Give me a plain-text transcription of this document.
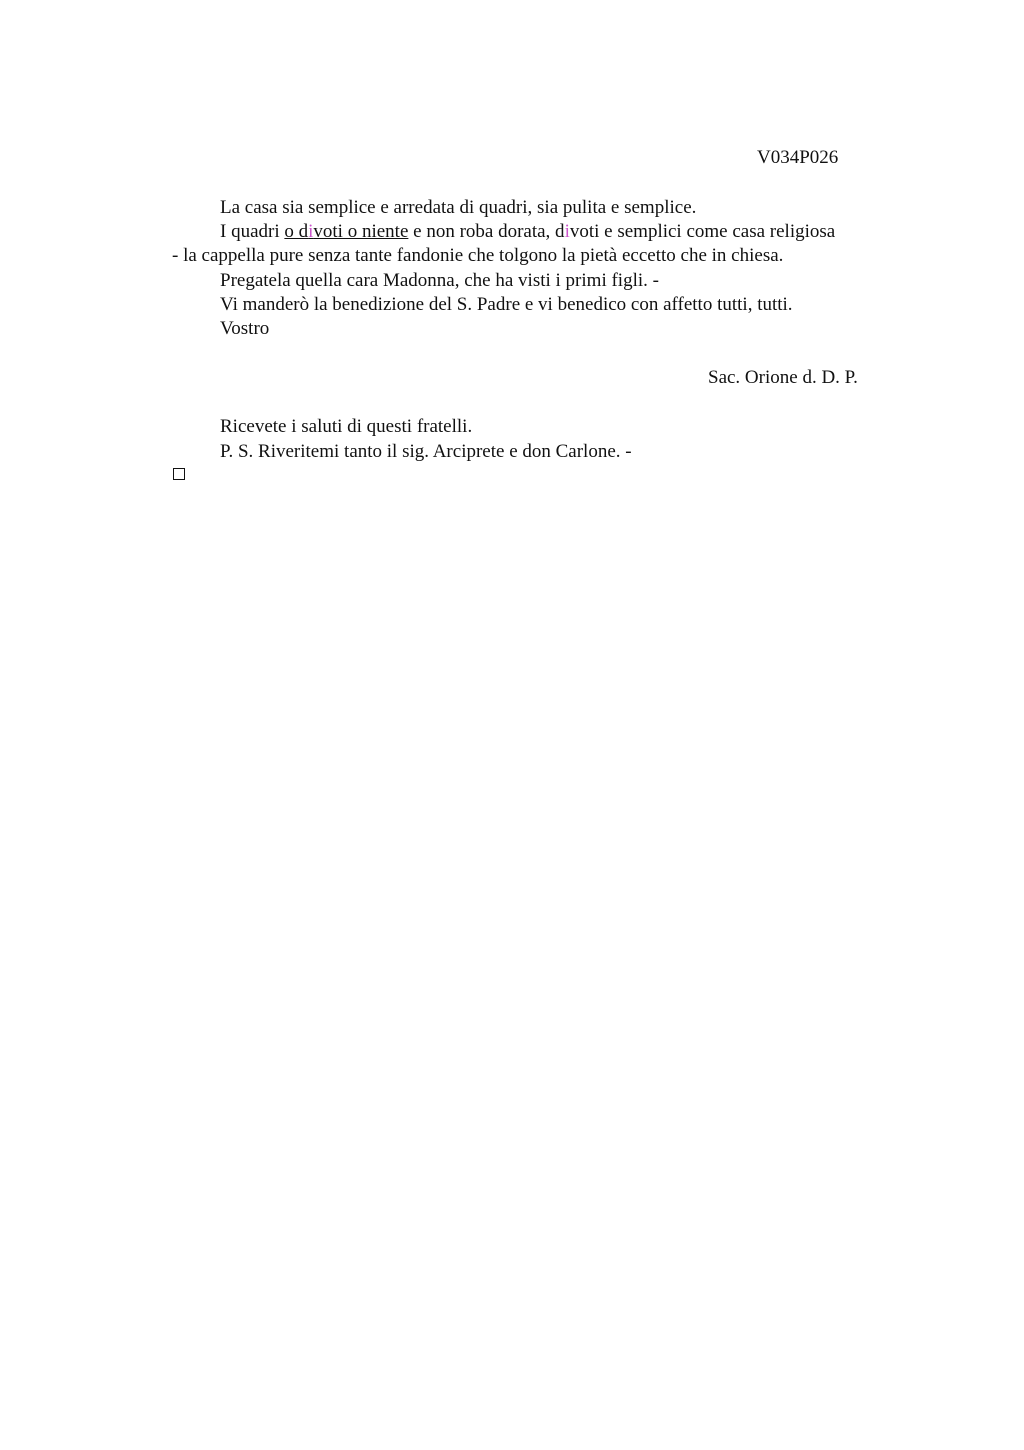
V034P026
La casa sia semplice e arredata di quadri, sia pulita e semplice.
I quadri o divoti o niente e non roba dorata, divoti e semplici come casa religiosa
- la cappella pure senza tante fandonie che tolgono la pietà eccetto che in chiesa.
Pregatela quella cara Madonna, che ha visti i primi figli. -
Vi manderò la benedizione del S. Padre e vi benedico con affetto tutti, tutti.
Vostro
Sac. Orione d. D. P.
Ricevete i saluti di questi fratelli.
P. S. Riveritemi tanto il sig. Arciprete e don Carlone. -
